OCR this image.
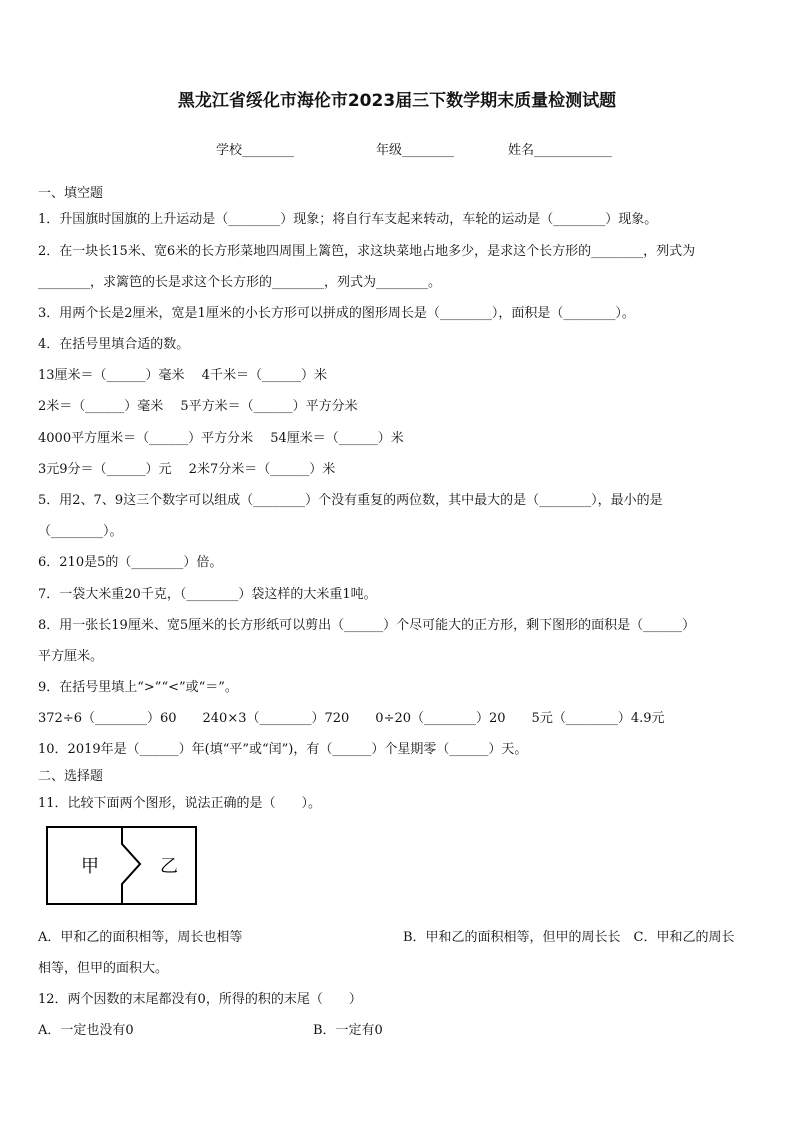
黑龙江省绥化市海伦市2023届三下数学期末质量检测试题
学校________	年级________	姓名____________
一、填空题
1．升国旗时国旗的上升运动是（________）现象；将自行车支起来转动，车轮的运动是（________）现象。
2．在一块长15米、宽6米的长方形菜地四周围上篱笆，求这块菜地占地多少，是求这个长方形的________，列式为
________，求篱笆的长是求这个长方形的________，列式为________。
3．用两个长是2厘米，宽是1厘米的小长方形可以拼成的图形周长是（________），面积是（________）。
4．在括号里填合适的数。
13厘米＝（______）毫米　 4千米＝（______）米
2米＝（______）毫米　 5平方米＝（______）平方分米
4000平方厘米＝（______）平方分米　 54厘米＝（______）米
3元9分＝（______）元　 2米7分米＝（______）米
5．用2、7、9这三个数字可以组成（________）个没有重复的两位数，其中最大的是（________），最小的是
（________）。
6．210是5的（________）倍。
7．一袋大米重20千克，（________）袋这样的大米重1吨。
8．用一张长19厘米、宽5厘米的长方形纸可以剪出（______）个尽可能大的正方形，剩下图形的面积是（______）
平方厘米。
9．在括号里填上“>”“<”或“＝”。
372÷6（________）60　　240×3（________）720　　0÷20（________）20　　5元（________）4.9元
10．2019年是（______）年(填“平”或“闰”)，有（______）个星期零（______）天。
二、选择题
11．比较下面两个图形，说法正确的是（　　）。
甲	乙
A．甲和乙的面积相等，周长也相等	B．甲和乙的面积相等，但甲的周长长　C．甲和乙的周长
相等，但甲的面积大。
12．两个因数的末尾都没有0，所得的积的末尾（　　）
A．一定也没有0	B．一定有0
